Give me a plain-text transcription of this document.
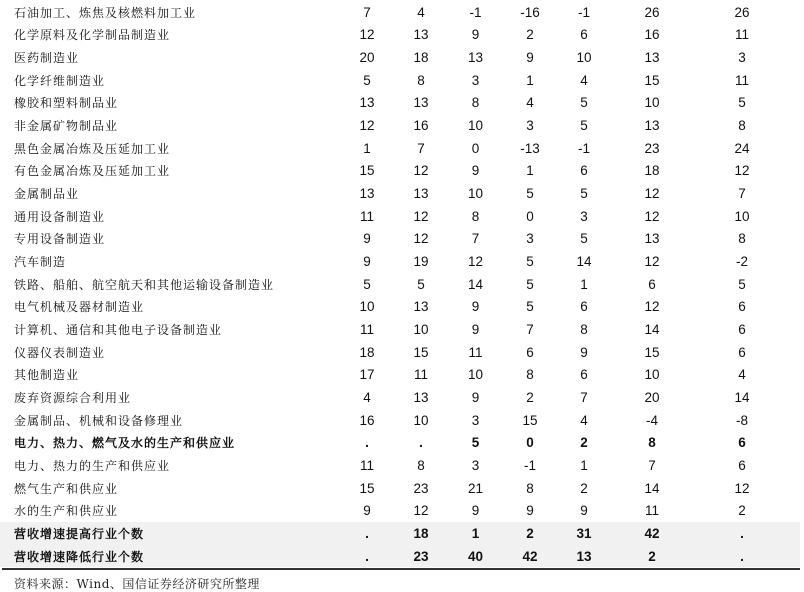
石油加工、炼焦及核燃料加工业	7	4	-1	-16	-1	26	26
化学原料及化学制品制造业	12	13	9	2	6	16	11
医药制造业	20	18	13	9	10	13	3
化学纤维制造业	5	8	3	1	4	15	11
橡胶和塑料制品业	13	13	8	4	5	10	5
非金属矿物制品业	12	16	10	3	5	13	8
黑色金属冶炼及压延加工业	1	7	0	-13	-1	23	24
有色金属冶炼及压延加工业	15	12	9	1	6	18	12
金属制品业	13	13	10	5	5	12	7
通用设备制造业	11	12	8	0	3	12	10
专用设备制造业	9	12	7	3	5	13	8
汽车制造	9	19	12	5	14	12	-2
铁路、船舶、航空航天和其他运输设备制造业	5	5	14	5	1	6	5
电气机械及器材制造业	10	13	9	5	6	12	6
计算机、通信和其他电子设备制造业	11	10	9	7	8	14	6
仪器仪表制造业	18	15	11	6	9	15	6
其他制造业	17	11	10	8	6	10	4
废弃资源综合利用业	4	13	9	2	7	20	14
金属制品、机械和设备修理业	16	10	3	15	4	-4	-8
电力、热力、燃气及水的生产和供应业	.	.	5	0	2	8	6
电力、热力的生产和供应业	11	8	3	-1	1	7	6
燃气生产和供应业	15	23	21	8	2	14	12
水的生产和供应业	9	12	9	9	9	11	2
营收增速提高行业个数	.	18	1	2	31	42	.
营收增速降低行业个数	.	23	40	42	13	2	.
资料来源：Wind、国信证券经济研究所整理
